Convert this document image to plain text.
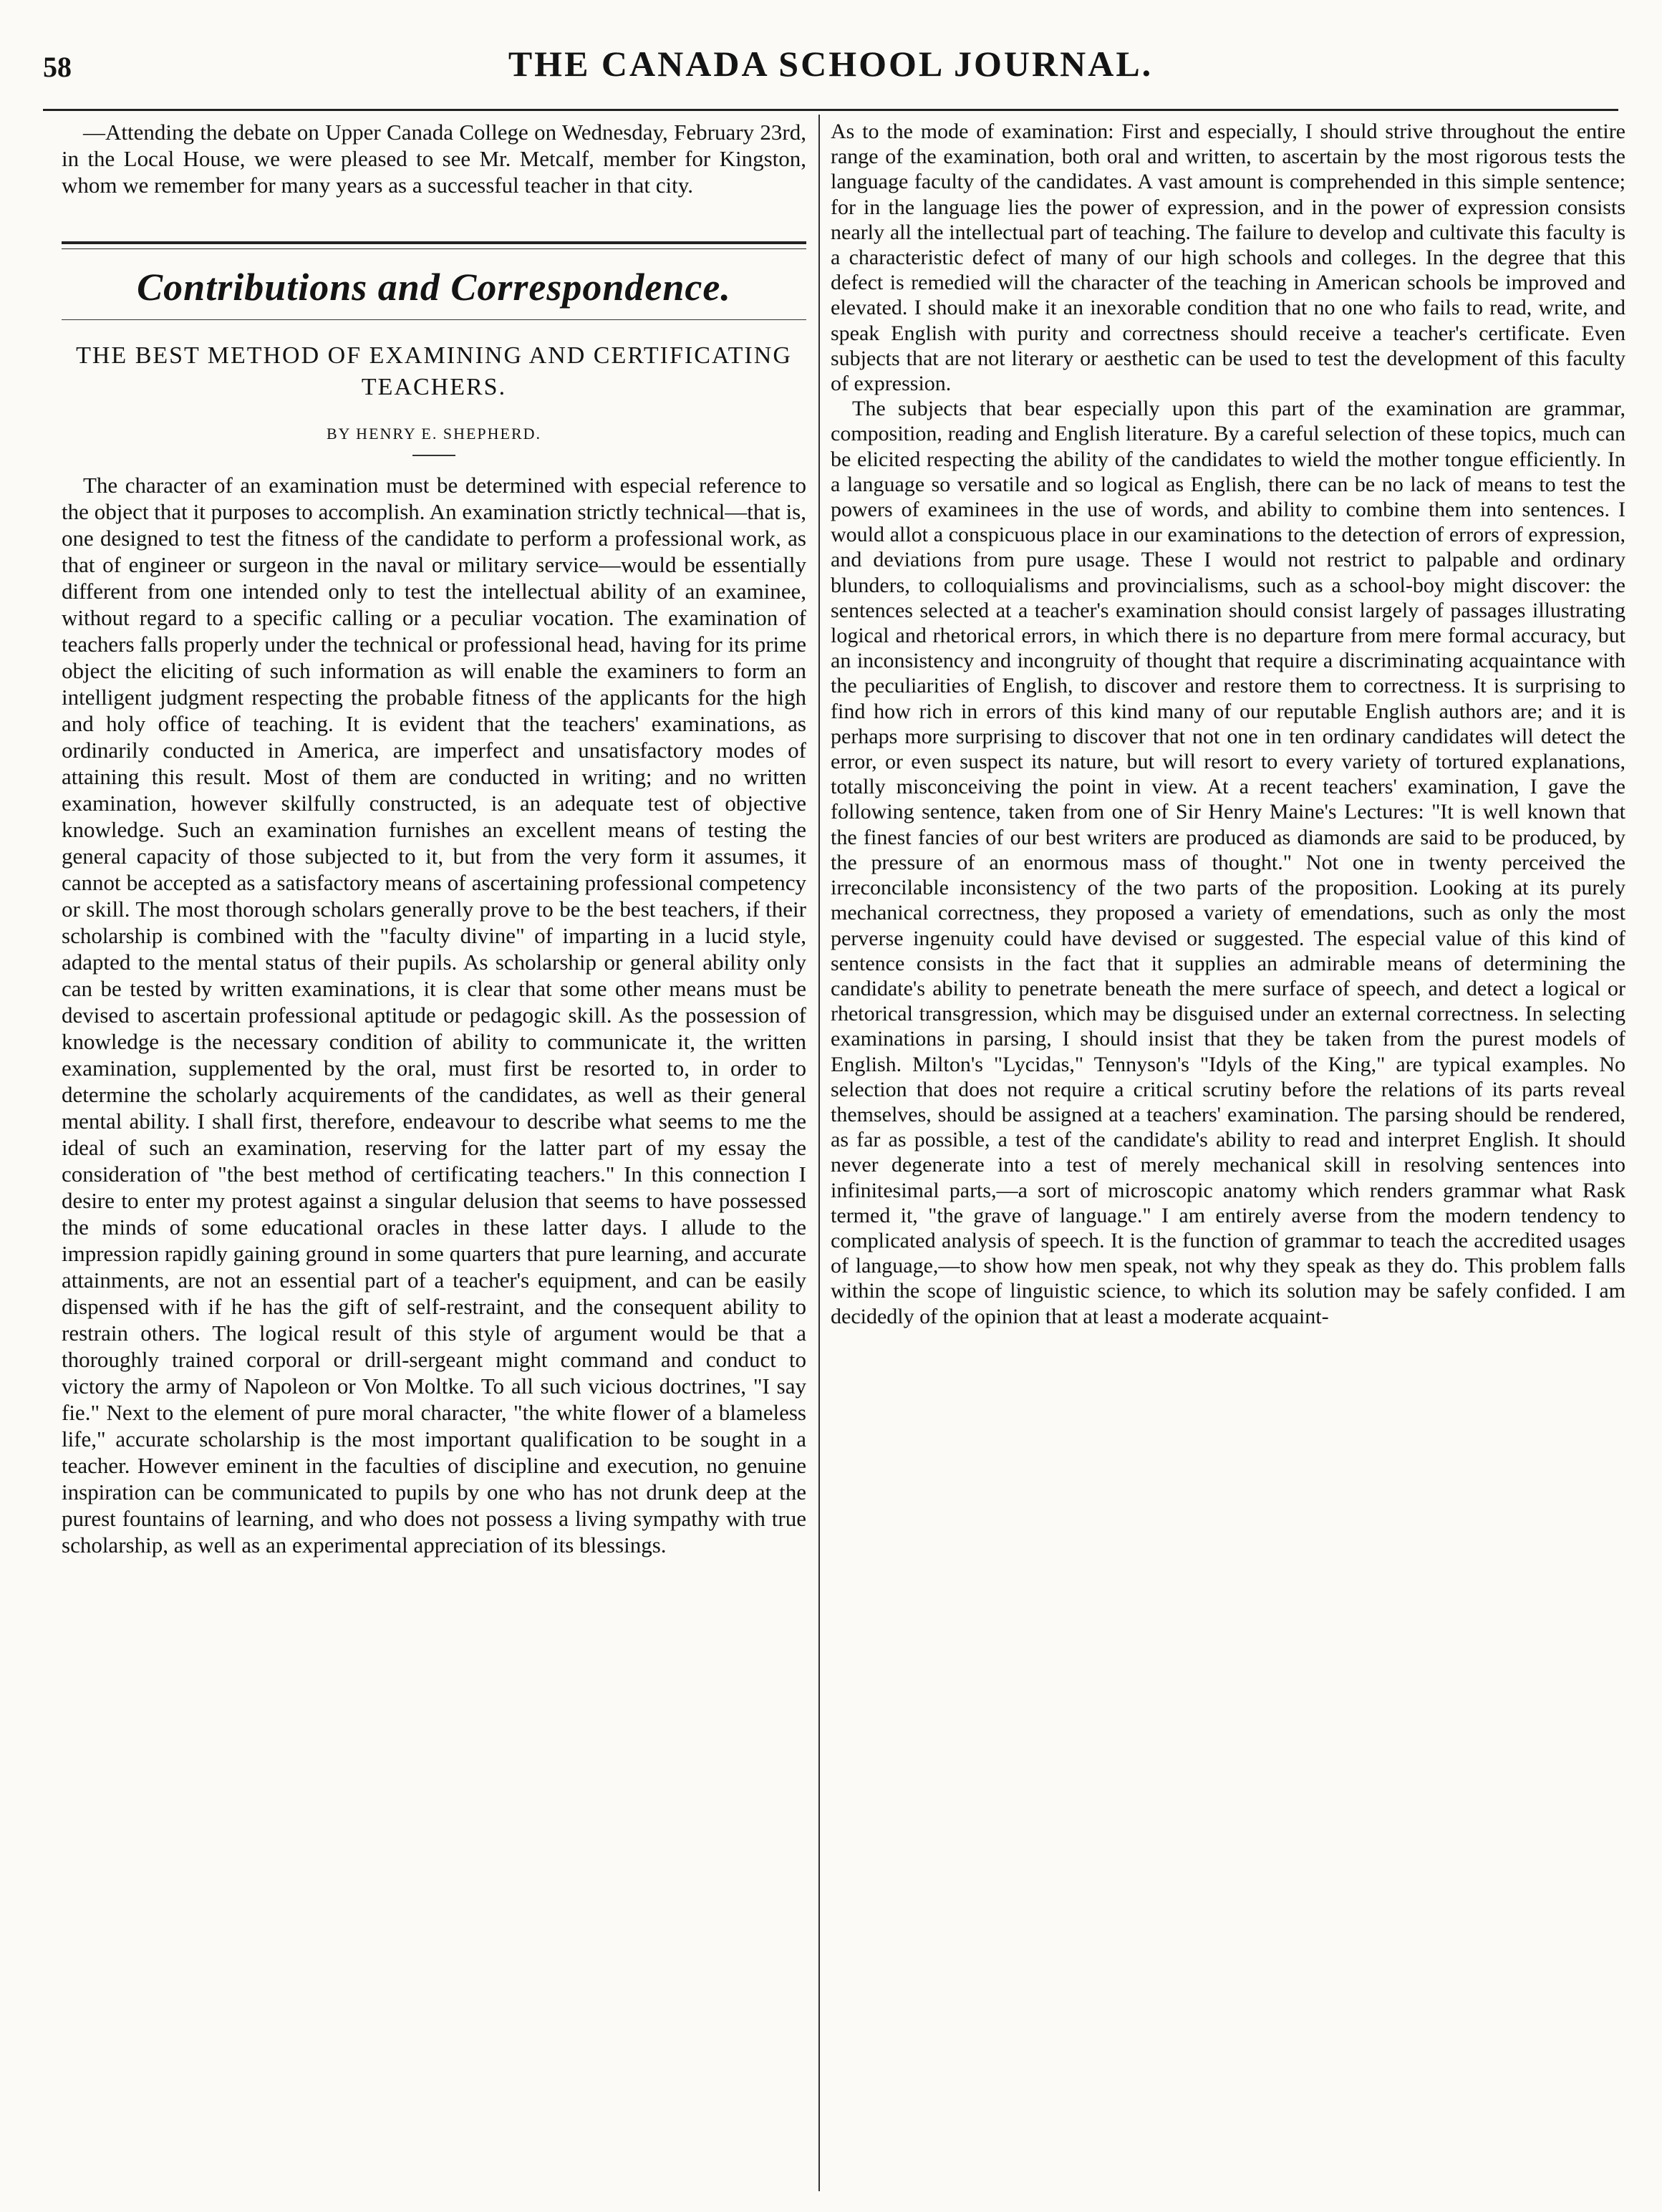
58	THE CANADA SCHOOL JOURNAL.

—Attending the debate on Upper Canada College on Wednesday, February 23rd, in the Local House, we were pleased to see Mr. Metcalf, member for Kingston, whom we remember for many years as a successful teacher in that city.

Contributions and Correspondence.
THE BEST METHOD OF EXAMINING AND CERTIFICATING TEACHERS.
BY HENRY E. SHEPHERD.

The character of an examination must be determined with especial reference to the object that it purposes to accomplish. An examination strictly technical—that is, one designed to test the fitness of the candidate to perform a professional work, as that of engineer or surgeon in the naval or military service—would be essentially different from one intended only to test the intellectual ability of an examinee, without regard to a specific calling or a peculiar vocation. The examination of teachers falls properly under the technical or professional head, having for its prime object the eliciting of such information as will enable the examiners to form an intelligent judgment respecting the probable fitness of the applicants for the high and holy office of teaching. It is evident that the teachers' examinations, as ordinarily conducted in America, are imperfect and unsatisfactory modes of attaining this result. Most of them are conducted in writing; and no written examination, however skilfully constructed, is an adequate test of objective knowledge. Such an examination furnishes an excellent means of testing the general capacity of those subjected to it, but from the very form it assumes, it cannot be accepted as a satisfactory means of ascertaining professional competency or skill. The most thorough scholars generally prove to be the best teachers, if their scholarship is combined with the "faculty divine" of imparting in a lucid style, adapted to the mental status of their pupils. As scholarship or general ability only can be tested by written examinations, it is clear that some other means must be devised to ascertain professional aptitude or pedagogic skill. As the possession of knowledge is the necessary condition of ability to communicate it, the written examination, supplemented by the oral, must first be resorted to, in order to determine the scholarly acquirements of the candidates, as well as their general mental ability. I shall first, therefore, endeavour to describe what seems to me the ideal of such an examination, reserving for the latter part of my essay the consideration of "the best method of certificating teachers." In this connection I desire to enter my protest against a singular delusion that seems to have possessed the minds of some educational oracles in these latter days. I allude to the impression rapidly gaining ground in some quarters that pure learning, and accurate attainments, are not an essential part of a teacher's equipment, and can be easily dispensed with if he has the gift of self-restraint, and the consequent ability to restrain others. The logical result of this style of argument would be that a thoroughly trained corporal or drill-sergeant might command and conduct to victory the army of Napoleon or Von Moltke. To all such vicious doctrines, "I say fie." Next to the element of pure moral character, "the white flower of a blameless life," accurate scholarship is the most important qualification to be sought in a teacher. However eminent in the faculties of discipline and execution, no genuine inspiration can be communicated to pupils by one who has not drunk deep at the purest fountains of learning, and who does not possess a living sympathy with true scholarship, as well as an experimental appreciation of its blessings.

As to the mode of examination: First and especially, I should strive throughout the entire range of the examination, both oral and written, to ascertain by the most rigorous tests the language faculty of the candidates. A vast amount is comprehended in this simple sentence; for in the language lies the power of expression, and in the power of expression consists nearly all the intellectual part of teaching. The failure to develop and cultivate this faculty is a characteristic defect of many of our high schools and colleges. In the degree that this defect is remedied will the character of the teaching in American schools be improved and elevated. I should make it an inexorable condition that no one who fails to read, write, and speak English with purity and correctness should receive a teacher's certificate. Even subjects that are not literary or aesthetic can be used to test the development of this faculty of expression.

The subjects that bear especially upon this part of the examination are grammar, composition, reading and English literature. By a careful selection of these topics, much can be elicited respecting the ability of the candidates to wield the mother tongue efficiently. In a language so versatile and so logical as English, there can be no lack of means to test the powers of examinees in the use of words, and ability to combine them into sentences. I would allot a conspicuous place in our examinations to the detection of errors of expression, and deviations from pure usage. These I would not restrict to palpable and ordinary blunders, to colloquialisms and provincialisms, such as a school-boy might discover: the sentences selected at a teacher's examination should consist largely of passages illustrating logical and rhetorical errors, in which there is no departure from mere formal accuracy, but an inconsistency and incongruity of thought that require a discriminating acquaintance with the peculiarities of English, to discover and restore them to correctness. It is surprising to find how rich in errors of this kind many of our reputable English authors are; and it is perhaps more surprising to discover that not one in ten ordinary candidates will detect the error, or even suspect its nature, but will resort to every variety of tortured explanations, totally misconceiving the point in view. At a recent teachers' examination, I gave the following sentence, taken from one of Sir Henry Maine's Lectures: "It is well known that the finest fancies of our best writers are produced as diamonds are said to be produced, by the pressure of an enormous mass of thought." Not one in twenty perceived the irreconcilable inconsistency of the two parts of the proposition. Looking at its purely mechanical correctness, they proposed a variety of emendations, such as only the most perverse ingenuity could have devised or suggested. The especial value of this kind of sentence consists in the fact that it supplies an admirable means of determining the candidate's ability to penetrate beneath the mere surface of speech, and detect a logical or rhetorical transgression, which may be disguised under an external correctness. In selecting examinations in parsing, I should insist that they be taken from the purest models of English. Milton's "Lycidas," Tennyson's "Idyls of the King," are typical examples. No selection that does not require a critical scrutiny before the relations of its parts reveal themselves, should be assigned at a teachers' examination. The parsing should be rendered, as far as possible, a test of the candidate's ability to read and interpret English. It should never degenerate into a test of merely mechanical skill in resolving sentences into infinitesimal parts,—a sort of microscopic anatomy which renders grammar what Rask termed it, "the grave of language." I am entirely averse from the modern tendency to complicated analysis of speech. It is the function of grammar to teach the accredited usages of language,—to show how men speak, not why they speak as they do. This problem falls within the scope of linguistic science, to which its solution may be safely confided. I am decidedly of the opinion that at least a moderate acquaint-
